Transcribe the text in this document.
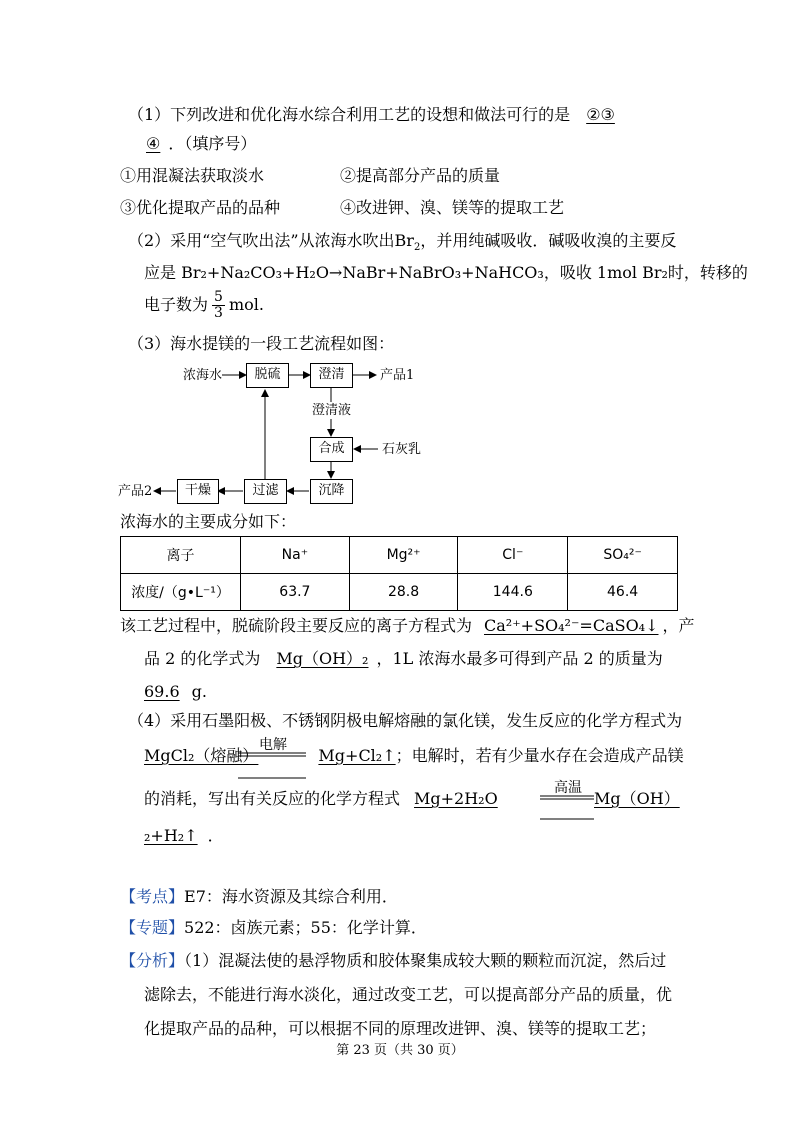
（1）下列改进和优化海水综合利用工艺的设想和做法可行的是 ②③
④ ．（填序号）
①用混凝法获取淡水	②提高部分产品的质量
③优化提取产品的品种	④改进钾、溴、镁等的提取工艺
（2）采用“空气吹出法”从浓海水吹出$Br_2$，并用纯碱吸收．碱吸收溴的主要反
应是 Br₂+Na₂CO₃+H₂O→NaBr+NaBrO₃+NaHCO₃，吸收 1mol Br₂时，转移的
电子数为 $\frac{5}{3}$ mol.
（3）海水提镁的一段工艺流程如图：
浓海水	脱硫	澄清	产品1
澄清液
合成	石灰乳
沉降
过滤
干燥
产品2
浓海水的主要成分如下：
离子	Na⁺	Mg²⁺	Cl⁻	SO₄²⁻
浓度/（g•L⁻¹）	63.7	28.8	144.6	46.4
该工艺过程中，脱硫阶段主要反应的离子方程式为 Ca²⁺+SO₄²⁻=CaSO₄↓ ，产
品 2 的化学式为 Mg（OH）₂ ，1L 浓海水最多可得到产品 2 的质量为
69.6 g.
（4）采用石墨阳极、不锈钢阴极电解熔融的氯化镁，发生反应的化学方程式为
MgCl₂（熔融）	Mg+Cl₂↑；电解时，若有少量水存在会造成产品镁
电解
的消耗，写出有关反应的化学方程式 Mg+2H₂O
高温
Mg（OH）
₂+H₂↑ ．
【考点】E7：海水资源及其综合利用．
【专题】522：卤族元素；55：化学计算．
【分析】（1）混凝法使的悬浮物质和胶体聚集成较大颗的颗粒而沉淀，然后过
滤除去，不能进行海水淡化，通过改变工艺，可以提高部分产品的质量，优
化提取产品的品种，可以根据不同的原理改进钾、溴、镁等的提取工艺；
第 23 页（共 30 页）
